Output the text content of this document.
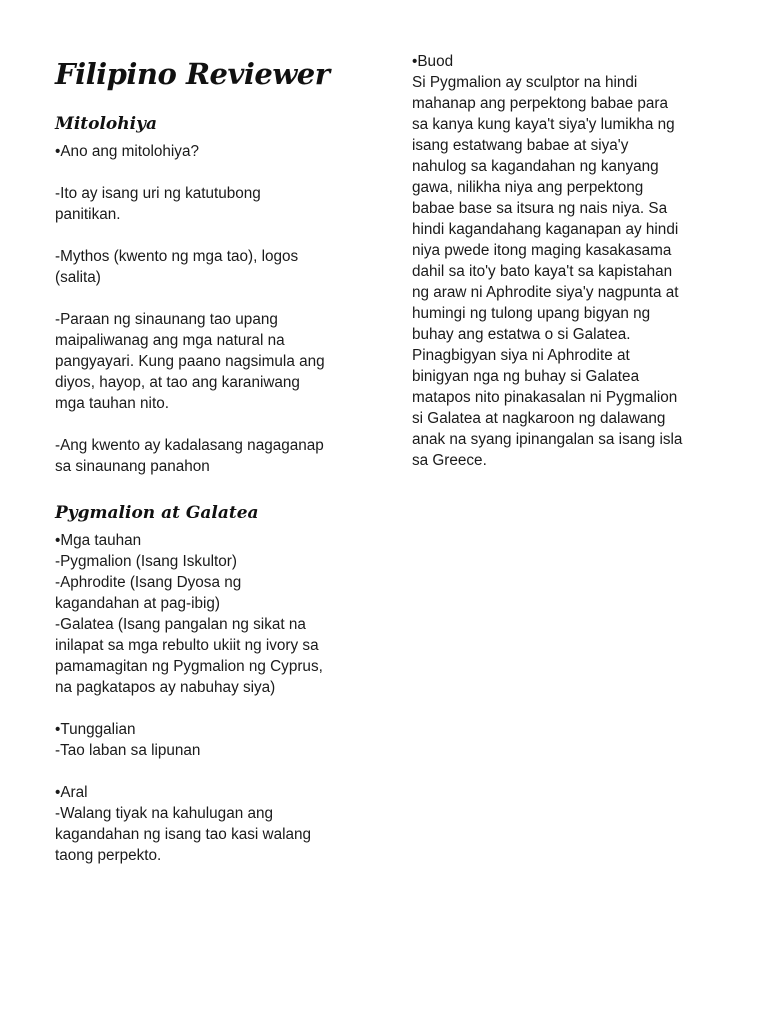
Filipino Reviewer
Mitolohiya

•Ano ang mitolohiya?

-Ito ay isang uri ng katutubong

panitikan.

-Mythos (kwento ng mga tao), logos

(salita)

-Paraan ng sinaunang tao upang

maipaliwanag ang mga natural na

pangyayari. Kung paano nagsimula ang

diyos, hayop, at tao ang karaniwang

mga tauhan nito.

-Ang kwento ay kadalasang nagaganap

sa sinaunang panahon

Pygmalion at Galatea

•Mga tauhan

-Pygmalion (Isang Iskultor)

-Aphrodite (Isang Dyosa ng

kagandahan at pag-ibig)

-Galatea (Isang pangalan ng sikat na

inilapat sa mga rebulto ukiit ng ivory sa

pamamagitan ng Pygmalion ng Cyprus,

na pagkatapos ay nabuhay siya)

•Tunggalian

-Tao laban sa lipunan

•Aral

-Walang tiyak na kahulugan ang

kagandahan ng isang tao kasi walang

taong perpekto.

•Buod

Si Pygmalion ay sculptor na hindi

mahanap ang perpektong babae para

sa kanya kung kaya't siya'y lumikha ng

isang estatwang babae at siya'y

nahulog sa kagandahan ng kanyang

gawa, nilikha niya ang perpektong

babae base sa itsura ng nais niya. Sa

hindi kagandahang kaganapan ay hindi

niya pwede itong maging kasakasama

dahil sa ito'y bato kaya't sa kapistahan

ng araw ni Aphrodite siya'y nagpunta at

humingi ng tulong upang bigyan ng

buhay ang estatwa o si Galatea.

Pinagbigyan siya ni Aphrodite at

binigyan nga ng buhay si Galatea

matapos nito pinakasalan ni Pygmalion

si Galatea at nagkaroon ng dalawang

anak na syang ipinangalan sa isang isla

sa Greece.
